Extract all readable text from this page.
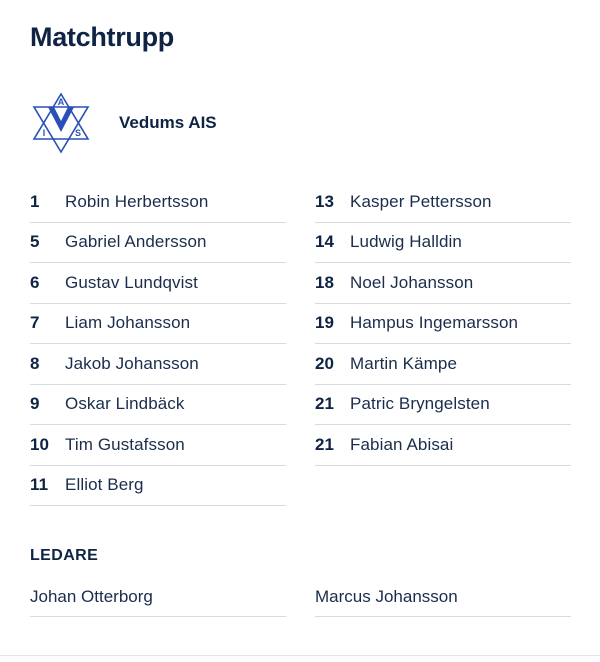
Matchtrupp
A
I	S
Vedums AIS
1	Robin Herbertsson
5	Gabriel Andersson
6	Gustav Lundqvist
7	Liam Johansson
8	Jakob Johansson
9	Oskar Lindbäck
10 Tim Gustafsson
11 Elliot Berg
13 Kasper Pettersson
14 Ludwig Halldin
18 Noel Johansson
19 Hampus Ingemarsson
20 Martin Kämpe
21 Patric Bryngelsten
21 Fabian Abisai
LEDARE
Johan Otterborg	Marcus Johansson
